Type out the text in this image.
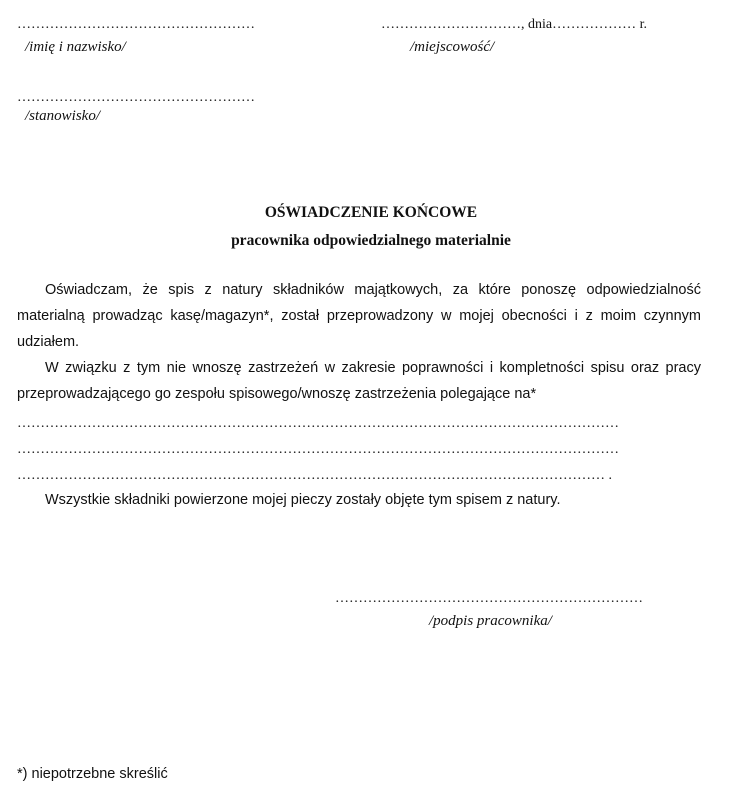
……………………………………………
/imię i nazwisko/
…………………………, dnia……………… r.
/miejscowość/
……………………………………………
/stanowisko/
OŚWIADCZENIE KOŃCOWE
pracownika odpowiedzialnego materialnie
Oświadczam, że spis z natury składników majątkowych, za które ponoszę odpowiedzialność materialną prowadząc kasę/magazyn*, został przeprowadzony w mojej obecności i z moim czynnym udziałem.
W związku z tym nie wnoszę zastrzeżeń w zakresie poprawności i kompletności spisu oraz pracy przeprowadzającego go zespołu spisowego/wnoszę zastrzeżenia polegające na*
…………………………………………………………………………………………………………………
…………………………………………………………………………………………………………………
……………………………………………………………………………………………………………… .
Wszystkie składniki powierzone mojej pieczy zostały objęte tym spisem z natury.
…………………………………………………………
/podpis pracownika/
*) niepotrzebne skreślić
